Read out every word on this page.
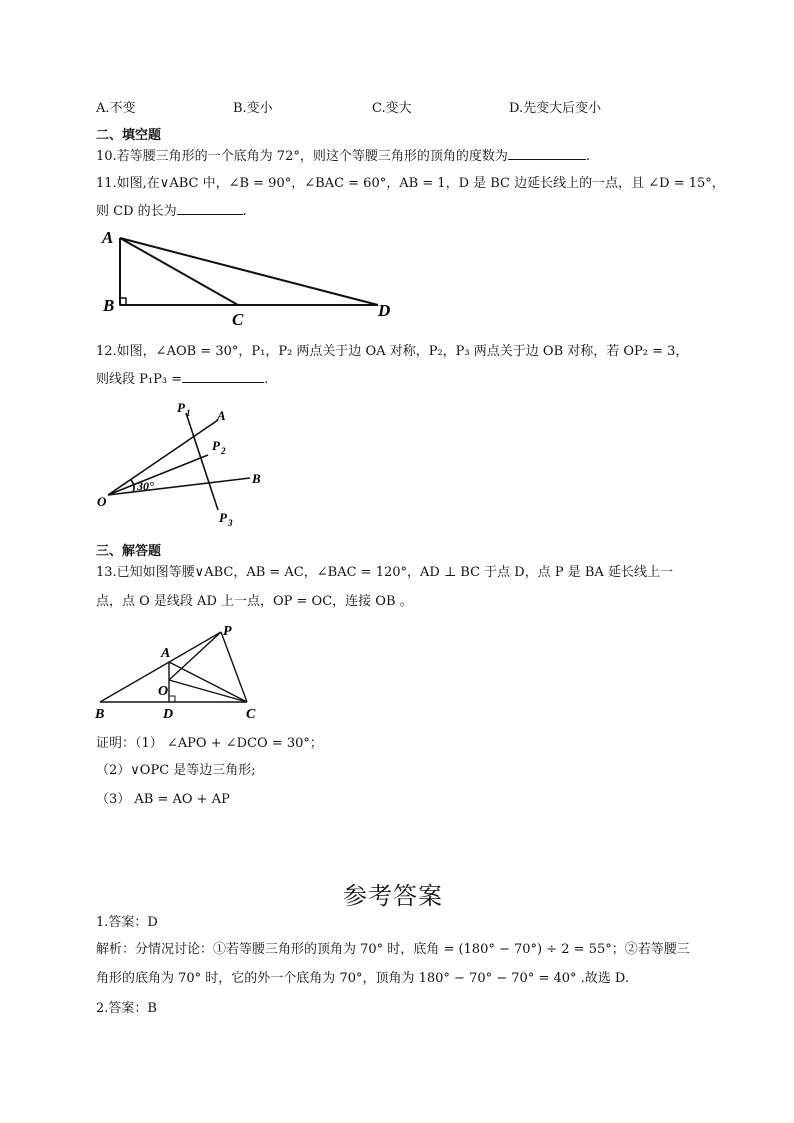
A.不变	B.变小	C.变大	D.先变大后变小
二、填空题
10.若等腰三角形的一个底角为 72°，则这个等腰三角形的顶角的度数为	.
11.如图,在∨ABC 中，∠B = 90°，∠BAC = 60°，AB = 1，D 是 BC 边延长线上的一点，且 ∠D = 15°，
则 CD 的长为	.
A
B
C	D
12.如图，∠AOB = 30°，P₁，P₂ 两点关于边 OA 对称，P₂，P₃ 两点关于边 OB 对称，若 OP₂ = 3，
则线段 P₁P₃ =	.
P 1 A
P 2
B
O
30°
P 3
三、解答题
13.已知如图等腰∨ABC，AB = AC，∠BAC = 120°，AD ⊥ BC 于点 D，点 P 是 BA 延长线上一
点，点 O 是线段 AD 上一点，OP = OC，连接 OB 。
P
A
O
B	D	C
证明：（1） ∠APO + ∠DCO = 30°；
（2）∨OPC 是等边三角形;
（3） AB = AO + AP
参考答案
1.答案：D
解析：分情况讨论：①若等腰三角形的顶角为 70° 时，底角 = (180° − 70°) ÷ 2 = 55°；②若等腰三
角形的底角为 70° 时，它的外一个底角为 70°，顶角为 180° − 70° − 70° = 40° .故选 D.
2.答案：B
